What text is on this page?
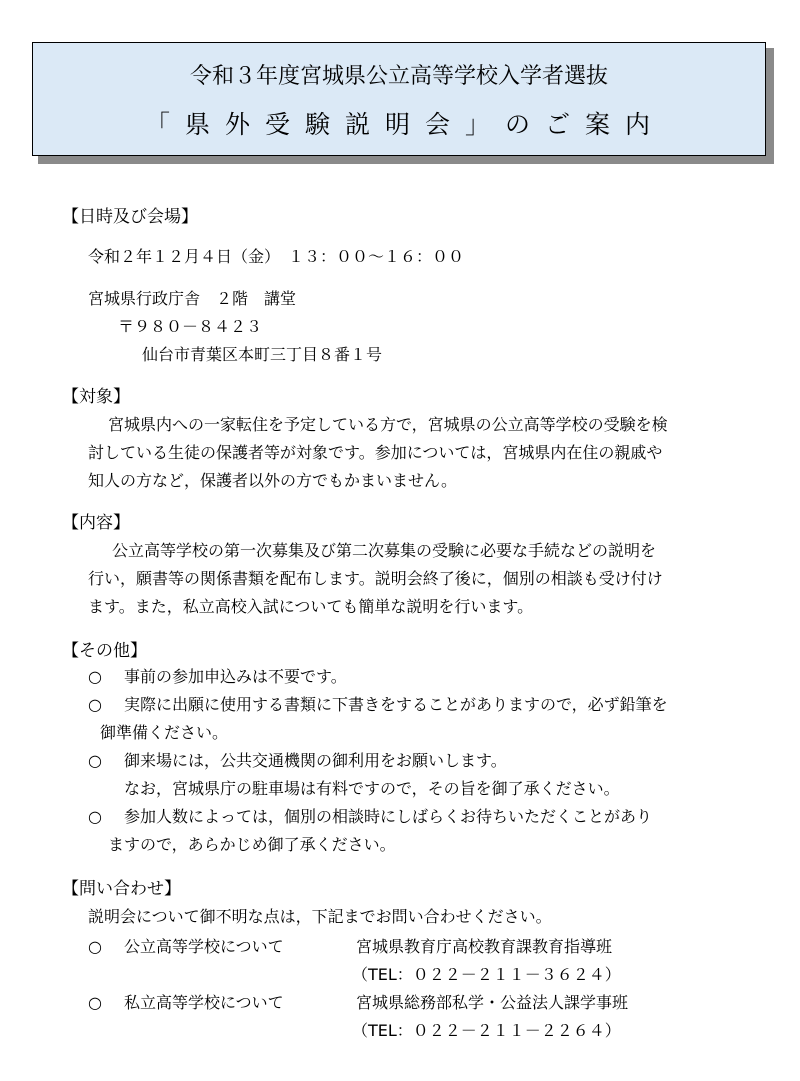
令和３年度宮城県公立高等学校入学者選抜
「県外受験説明会」のご案内
【日時及び会場】
令和２年１２月４日（金）　１３：００～１６：００
宮城県行政庁舎　２階　講堂
〒９８０－８４２３
仙台市青葉区本町三丁目８番１号
【対象】
宮城県内への一家転住を予定している方で，宮城県の公立高等学校の受験を検
討している生徒の保護者等が対象です。参加については，宮城県内在住の親戚や
知人の方など，保護者以外の方でもかまいません。
【内容】
公立高等学校の第一次募集及び第二次募集の受験に必要な手続などの説明を
行い，願書等の関係書類を配布します。説明会終了後に，個別の相談も受け付け
ます。また，私立高校入試についても簡単な説明を行います。
【その他】
○ 事前の参加申込みは不要です。
○ 実際に出願に使用する書類に下書きをすることがありますので，必ず鉛筆を
御準備ください。
○ 御来場には，公共交通機関の御利用をお願いします。
なお，宮城県庁の駐車場は有料ですので，その旨を御了承ください。
○ 参加人数によっては，個別の相談時にしばらくお待ちいただくことがあり
ますので，あらかじめ御了承ください。
【問い合わせ】
説明会について御不明な点は，下記までお問い合わせください。
○ 公立高等学校について	宮城県教育庁高校教育課教育指導班
（TEL：０２２－２１１－３６２４）
○ 私立高等学校について	宮城県総務部私学・公益法人課学事班
（TEL：０２２－２１１－２２６４）
